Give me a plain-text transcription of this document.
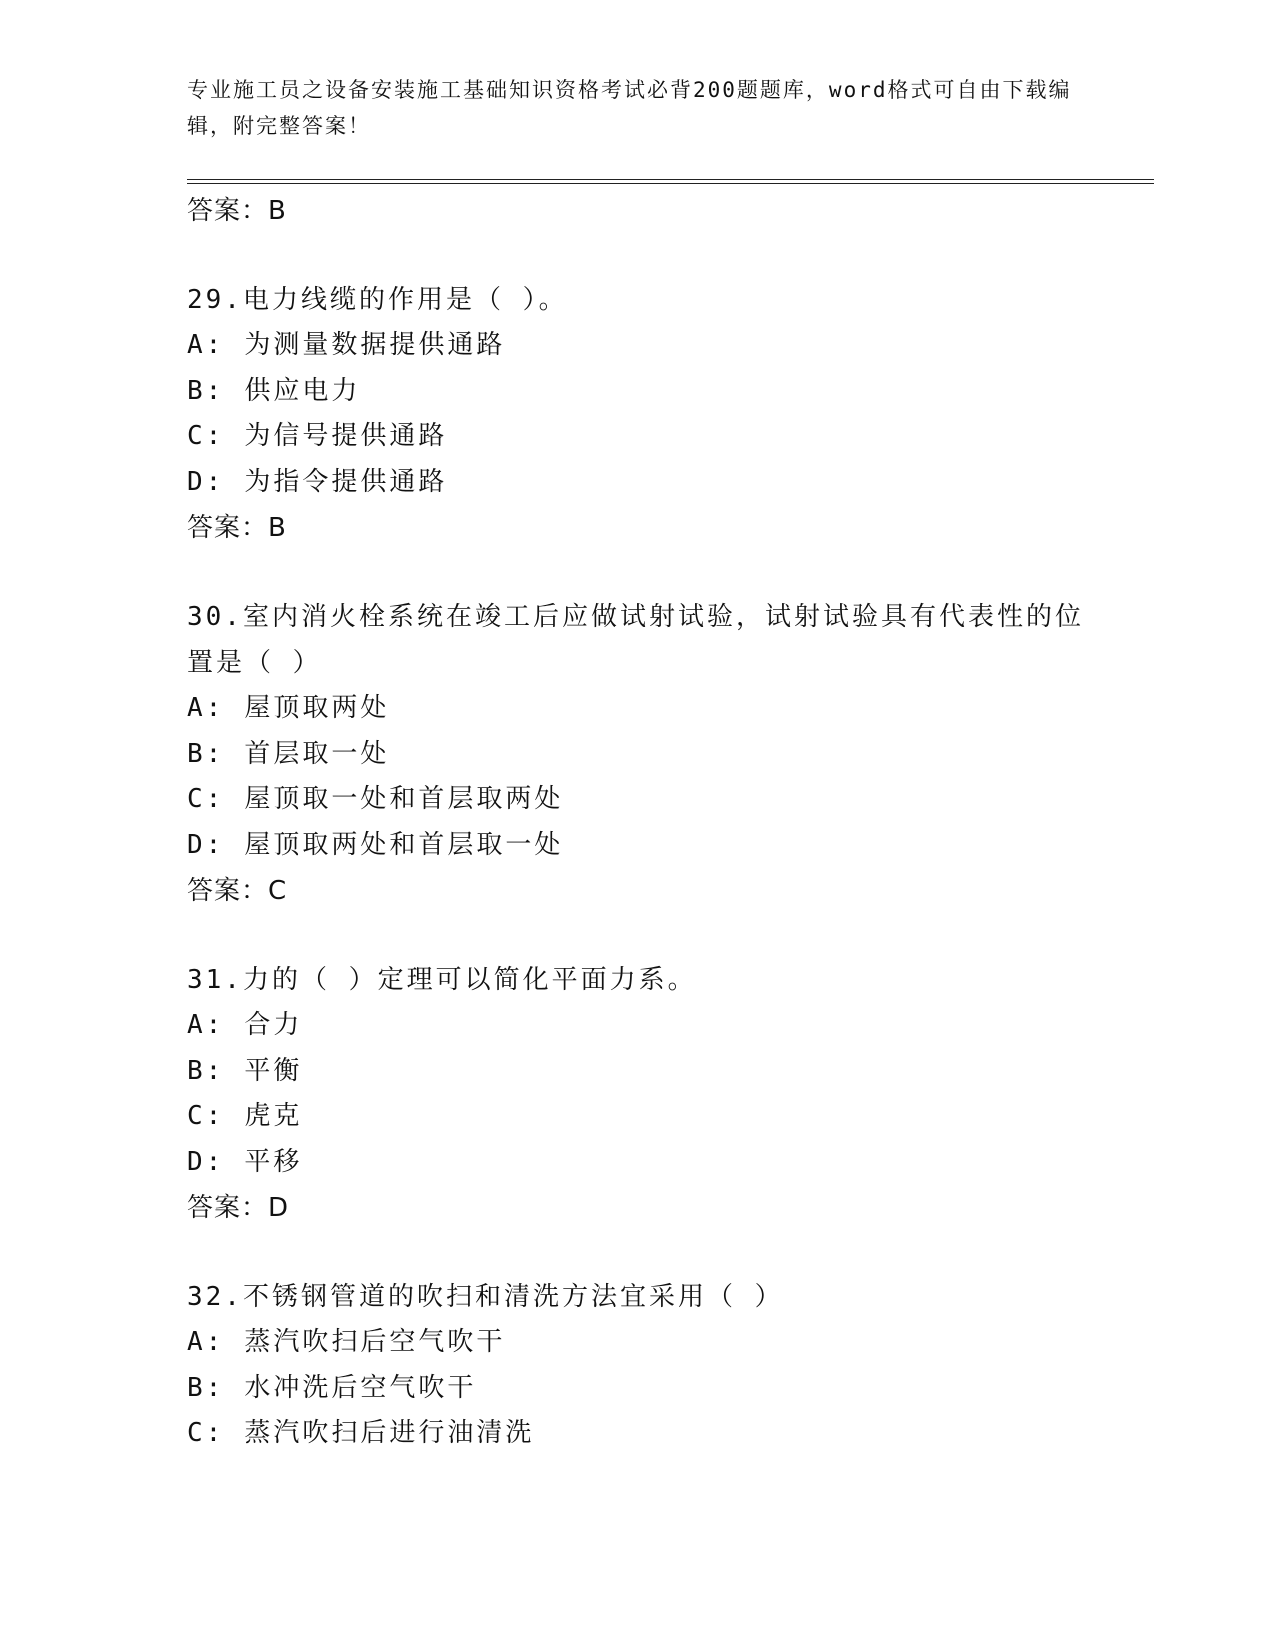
专业施工员之设备安装施工基础知识资格考试必背200题题库，word格式可自由下载编辑，附完整答案！
答案：B
29.电力线缆的作用是（ ）。
A: 为测量数据提供通路
B: 供应电力
C: 为信号提供通路
D: 为指令提供通路
答案：B
30.室内消火栓系统在竣工后应做试射试验，试射试验具有代表性的位置是（ ）
A: 屋顶取两处
B: 首层取一处
C: 屋顶取一处和首层取两处
D: 屋顶取两处和首层取一处
答案：C
31.力的（ ）定理可以简化平面力系。
A: 合力
B: 平衡
C: 虎克
D: 平移
答案：D
32.不锈钢管道的吹扫和清洗方法宜采用（ ）
A: 蒸汽吹扫后空气吹干
B: 水冲洗后空气吹干
C: 蒸汽吹扫后进行油清洗
